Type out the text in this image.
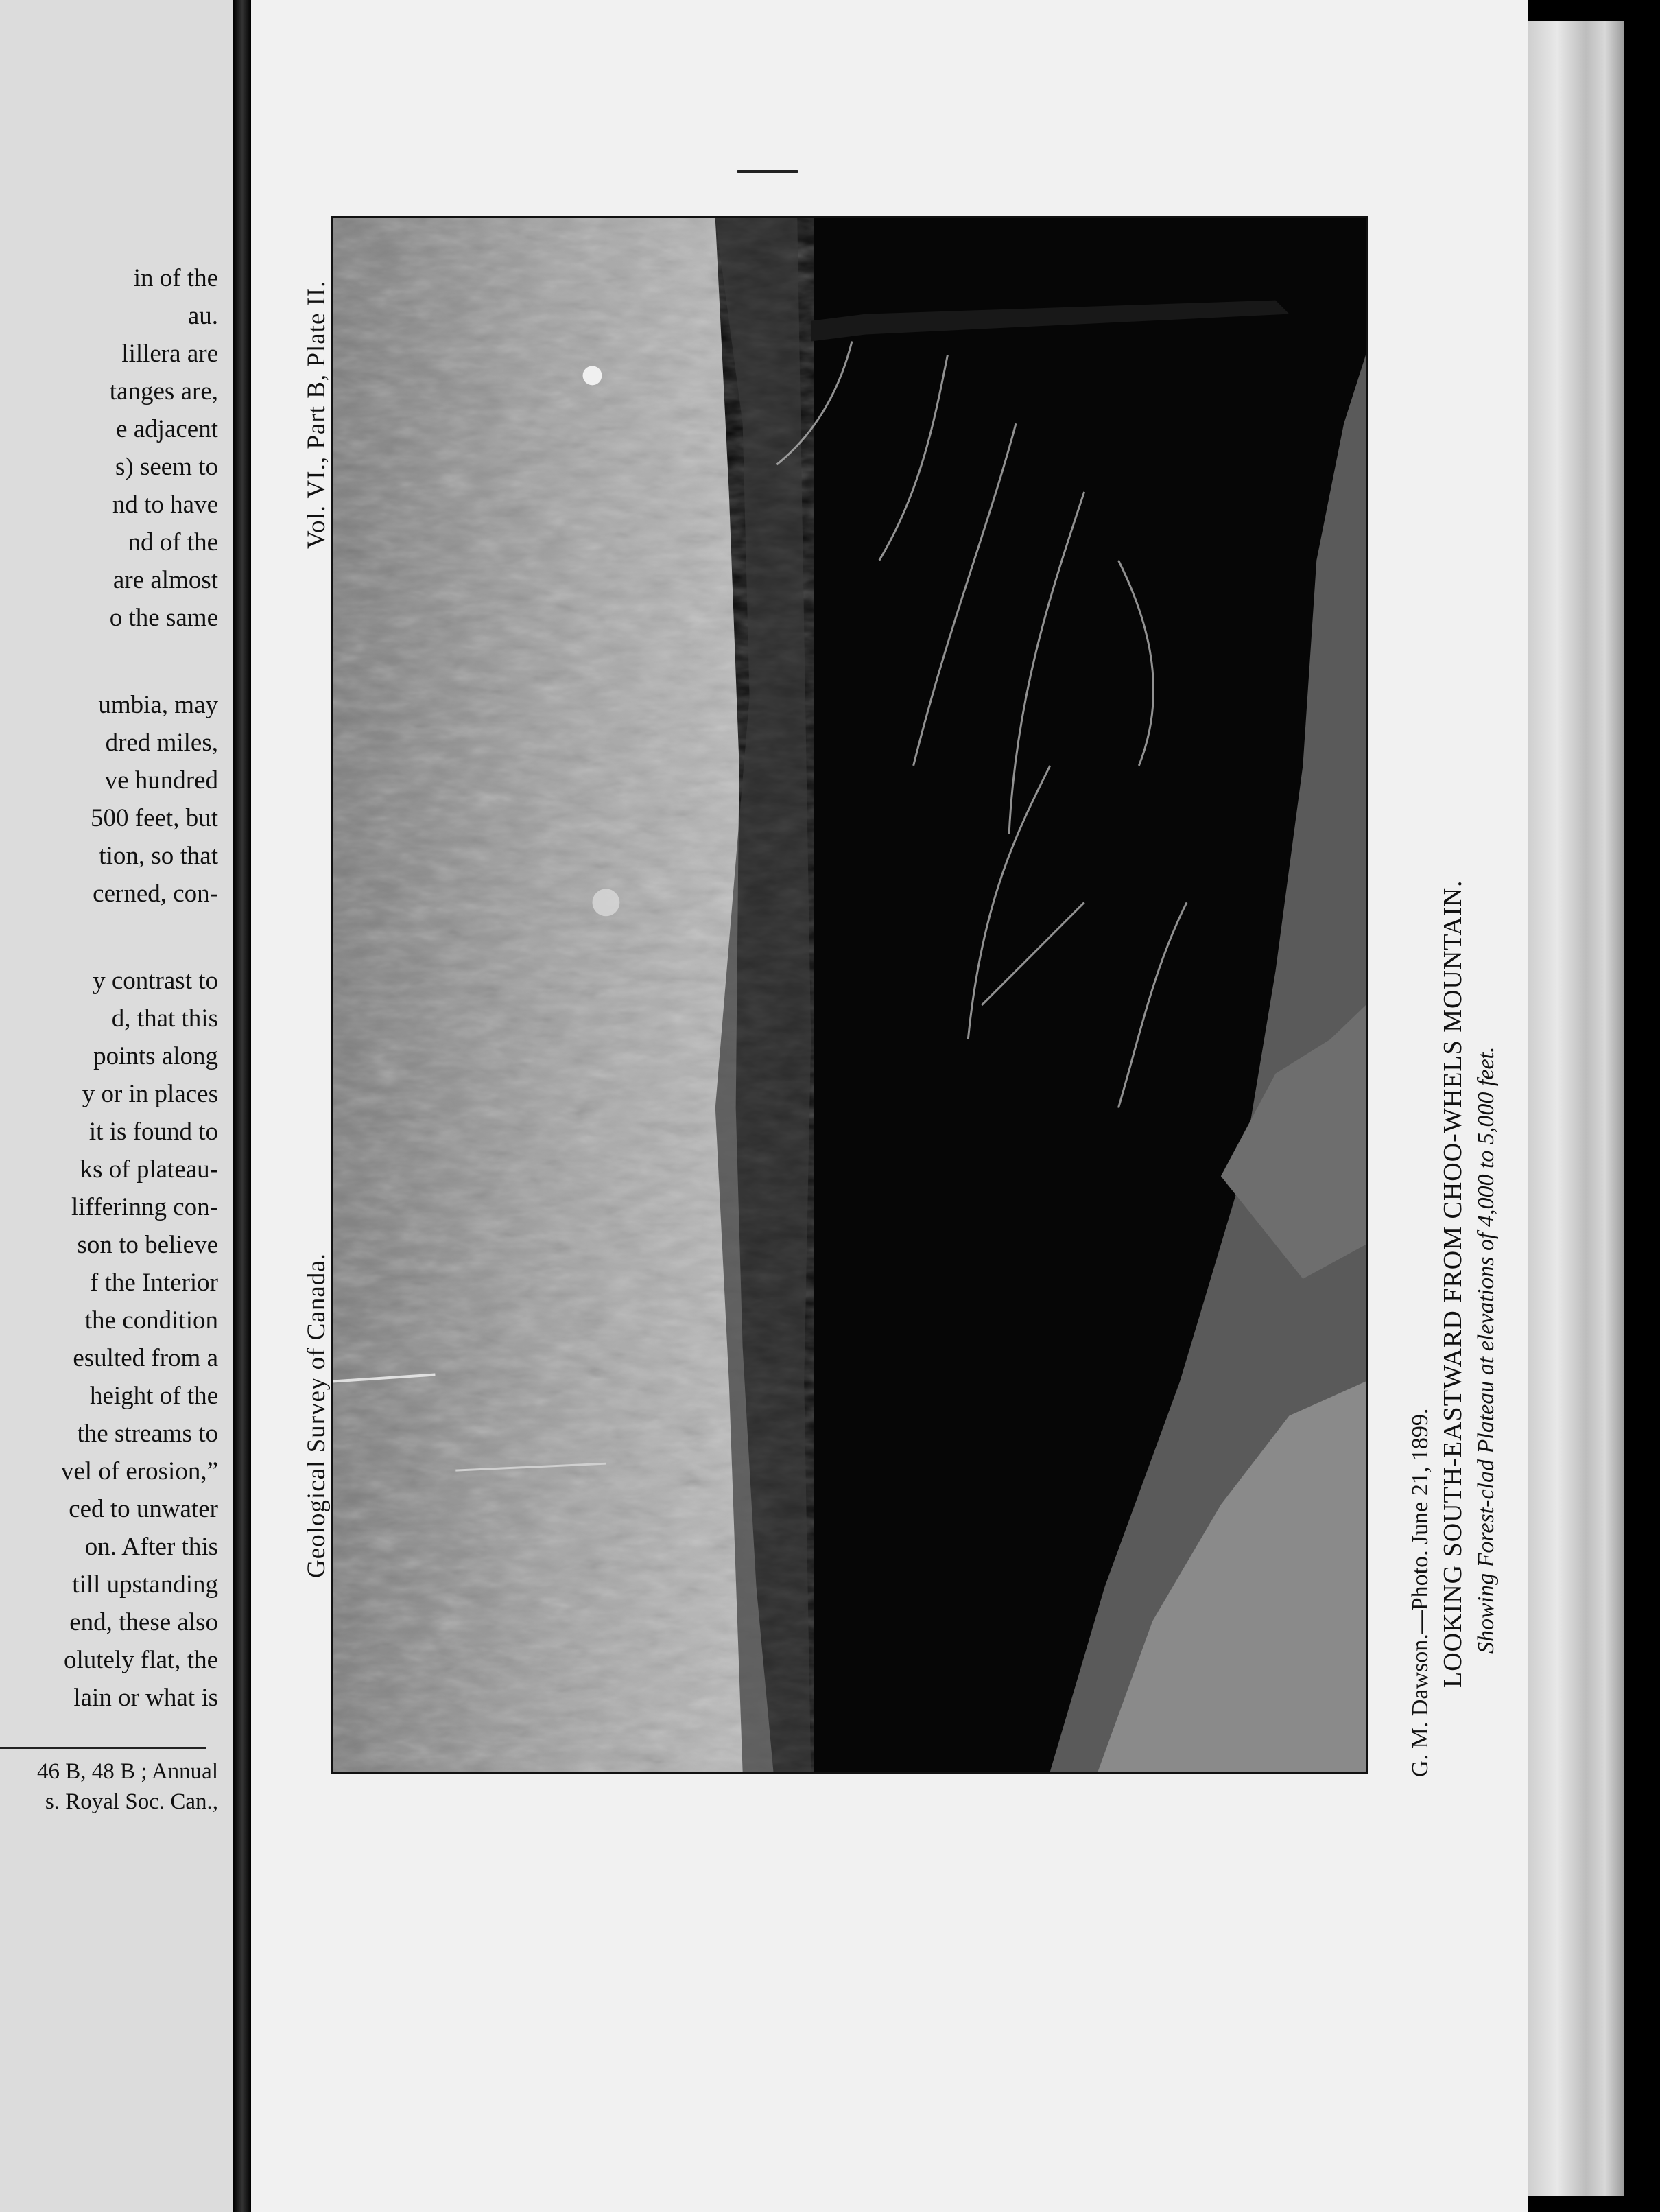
in of the
au.
lillera are
tanges are,
e adjacent
s) seem to
nd to have
nd of the
are almost
o the same
umbia, may
dred miles,
ve hundred
500 feet, but
tion, so that
cerned, con-
y contrast to
d, that this
points along
y or in places
it is found to
ks of plateau-
lifferinng con-
son to believe
f the Interior
the condition
esulted from a
height of the
the streams to
vel of erosion,”
ced to unwater
on. After this
till upstanding
end, these also
olutely flat, the
lain or what is

46 B, 48 B ; Annual
s. Royal Soc. Can.,

Geological Survey of Canada.
Vol. VI., Part B, Plate II.
G. M. Dawson.—Photo. June 21, 1899. LOOKING SOUTH-EASTWARD FROM CHOO-WHELS MOUNTAIN. Showing Forest-clad Plateau at elevations of 4,000 to 5,000 feet.
